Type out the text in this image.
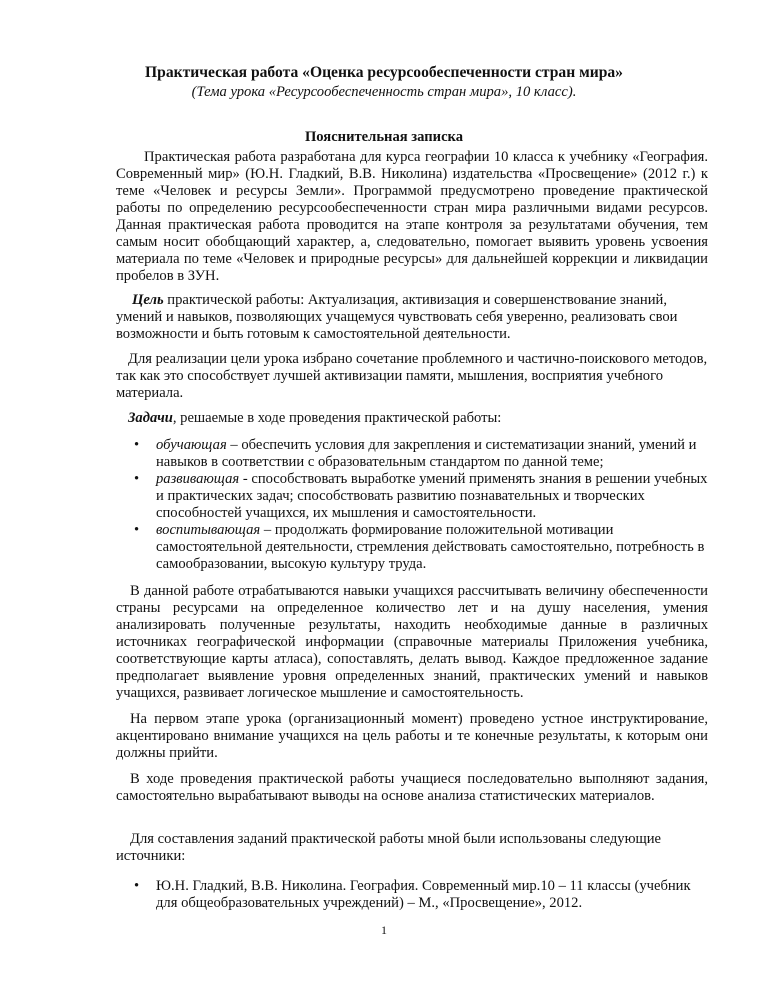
Практическая работа «Оценка ресурсообеспеченности стран мира»

(Тема урока «Ресурсообеспеченность стран мира», 10 класс).

Пояснительная записка

Практическая работа разработана для курса географии 10 класса к учебнику «География. Современный мир» (Ю.Н. Гладкий, В.В. Николина) издательства «Просвещение» (2012 г.) к теме «Человек и ресурсы Земли». Программой предусмотрено проведение практической работы по определению ресурсообеспеченности стран мира различными видами ресурсов. Данная практическая работа проводится на этапе контроля за результатами обучения, тем самым носит обобщающий характер, а, следовательно, помогает выявить уровень усвоения материала по теме «Человек и природные ресурсы» для дальнейшей коррекции и ликвидации пробелов в ЗУН.

Цель практической работы: Актуализация, активизация и совершенствование знаний, умений и навыков, позволяющих учащемуся чувствовать себя уверенно, реализовать свои возможности и быть готовым к самостоятельной деятельности.

Для реализации цели урока избрано сочетание проблемного и частично-поискового методов, так как это способствует лучшей активизации памяти, мышления, восприятия учебного материала.

Задачи, решаемые в ходе проведения практической работы:

• обучающая – обеспечить условия для закрепления и систематизации знаний, умений и навыков в соответствии с образовательным стандартом по данной теме;
• развивающая - способствовать выработке умений применять знания в решении учебных и практических задач; способствовать развитию познавательных и творческих способностей учащихся, их мышления и самостоятельности.
• воспитывающая – продолжать формирование положительной мотивации самостоятельной деятельности, стремления действовать самостоятельно, потребность в самообразовании, высокую культуру труда.

В данной работе отрабатываются навыки учащихся рассчитывать величину обеспеченности страны ресурсами на определенное количество лет и на душу населения, умения анализировать полученные результаты, находить необходимые данные в различных источниках географической информации (справочные материалы Приложения учебника, соответствующие карты атласа), сопоставлять, делать вывод. Каждое предложенное задание предполагает выявление уровня определенных знаний, практических умений и навыков учащихся, развивает логическое мышление и самостоятельность.

На первом этапе урока (организационный момент) проведено устное инструктирование, акцентировано внимание учащихся на цель работы и те конечные результаты, к которым они должны прийти.

В ходе проведения практической работы учащиеся последовательно выполняют задания, самостоятельно вырабатывают выводы на основе анализа статистических материалов.

Для составления заданий практической работы мной были использованы следующие источники:

• Ю.Н. Гладкий, В.В. Николина. География. Современный мир.10 – 11 классы (учебник для общеобразовательных учреждений) – М., «Просвещение», 2012.
1
